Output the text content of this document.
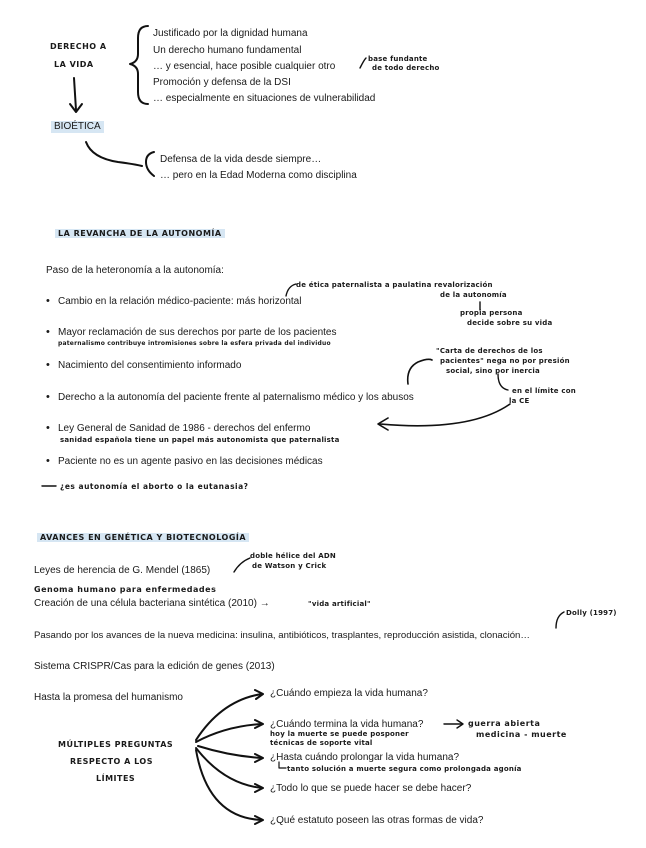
DERECHO A
LA VIDA
Justificado por la dignidad humana
Un derecho humano fundamental
… y esencial, hace posible cualquier otro
Promoción y defensa de la DSI
… especialmente en situaciones de vulnerabilidad
base fundante
de todo derecho
BIOÉTICA
Defensa de la vida desde siempre…
… pero en la Edad Moderna como disciplina
LA REVANCHA DE LA AUTONOMÍA
Paso de la heteronomía a la autonomía:
de ética paternalista a paulatina revalorización
de la autonomía
• Cambio en la relación médico-paciente: más horizontal
propia persona
decide sobre su vida
• Mayor reclamación de sus derechos por parte de los pacientes
paternalismo contribuye intromisiones sobre la esfera privada del individuo
"Carta de derechos de los
pacientes" nega no por presión
social, sino por inercia
• Nacimiento del consentimiento informado
en el límite con
la CE
• Derecho a la autonomía del paciente frente al paternalismo médico y los abusos
• Ley General de Sanidad de 1986 - derechos del enfermo
sanidad española tiene un papel más autonomista que paternalista
• Paciente no es un agente pasivo en las decisiones médicas
¿es autonomía el aborto o la eutanasia?
AVANCES EN GENÉTICA Y BIOTECNOLOGÍA
doble hélice del ADN
de Watson y Crick
Leyes de herencia de G. Mendel (1865)
Genoma humano para enfermedades
Creación de una célula bacteriana sintética (2010) →	"vida artificial"
Dolly (1997)
Pasando por los avances de la nueva medicina: insulina, antibióticos, trasplantes, reproducción asistida, clonación…
Sistema CRISPR/Cas para la edición de genes (2013)
Hasta la promesa del humanismo
MÚLTIPLES PREGUNTAS
RESPECTO A LOS
LÍMITES
¿Cuándo empieza la vida humana?
¿Cuándo termina la vida humana?
hoy la muerte se puede posponer
técnicas de soporte vital
guerra abierta
medicina - muerte
¿Hasta cuándo prolongar la vida humana?
tanto solución a muerte segura como prolongada agonía
¿Todo lo que se puede hacer se debe hacer?
¿Qué estatuto poseen las otras formas de vida?
